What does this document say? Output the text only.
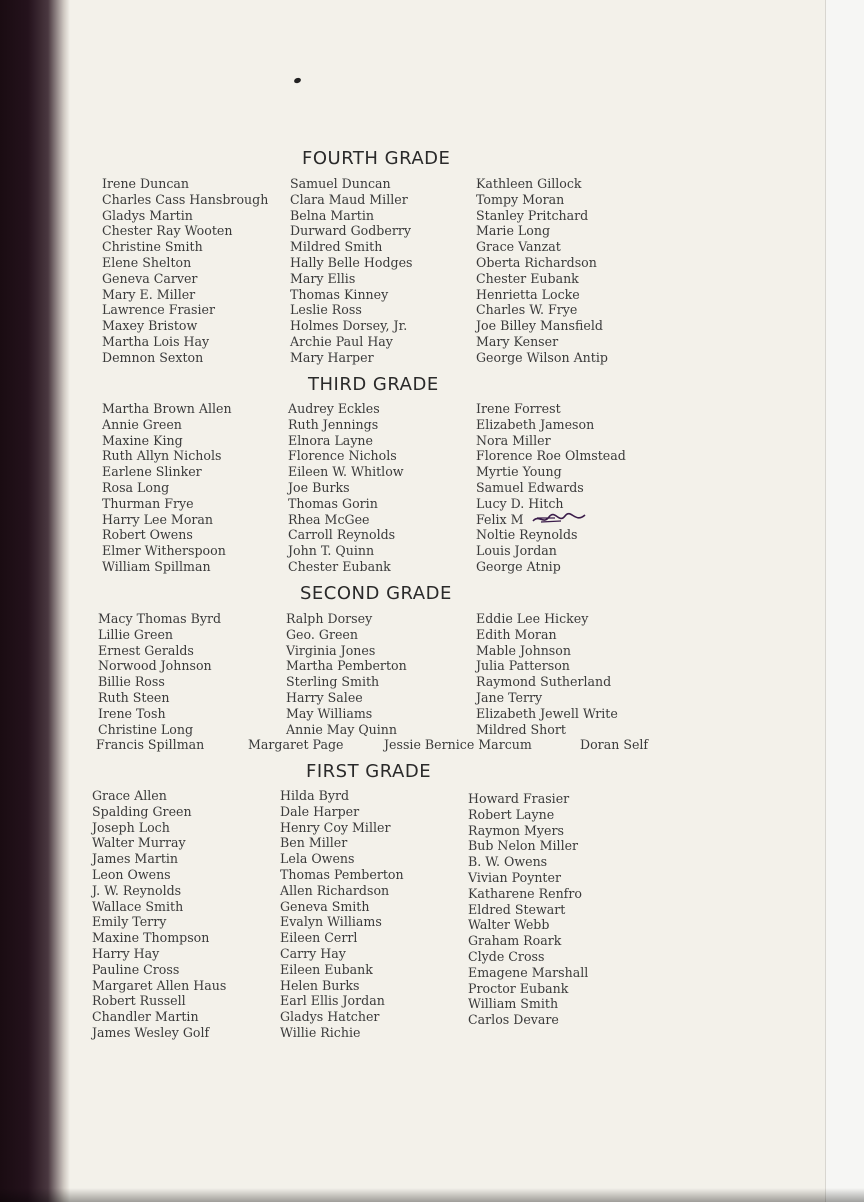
FOURTH GRADE
Irene Duncan
Charles Cass Hansbrough
Gladys Martin
Chester Ray Wooten
Christine Smith
Elene Shelton
Geneva Carver
Mary E. Miller
Lawrence Frasier
Maxey Bristow
Martha Lois Hay
Demnon Sexton
Samuel Duncan
Clara Maud Miller
Belna Martin
Durward Godberry
Mildred Smith
Hally Belle Hodges
Mary Ellis
Thomas Kinney
Leslie Ross
Holmes Dorsey, Jr.
Archie Paul Hay
Mary Harper
Kathleen Gillock
Tompy Moran
Stanley Pritchard
Marie Long
Grace Vanzat
Oberta Richardson
Chester Eubank
Henrietta Locke
Charles W. Frye
Joe Billey Mansfield
Mary Kenser
George Wilson Antip
THIRD GRADE
Martha Brown Allen
Annie Green
Maxine King
Ruth Allyn Nichols
Earlene Slinker
Rosa Long
Thurman Frye
Harry Lee Moran
Robert Owens
Elmer Witherspoon
William Spillman
Audrey Eckles
Ruth Jennings
Elnora Layne
Florence Nichols
Eileen W. Whitlow
Joe Burks
Thomas Gorin
Rhea McGee
Carroll Reynolds
John T. Quinn
Chester Eubank
Irene Forrest
Elizabeth Jameson
Nora Miller
Florence Roe Olmstead
Myrtie Young
Samuel Edwards
Lucy D. Hitch
Felix M
Noltie Reynolds
Louis Jordan
George Atnip
SECOND GRADE
Macy Thomas Byrd
Lillie Green
Ernest Geralds
Norwood Johnson
Billie Ross
Ruth Steen
Irene Tosh
Christine Long
Ralph Dorsey
Geo. Green
Virginia Jones
Martha Pemberton
Sterling Smith
Harry Salee
May Williams
Annie May Quinn
Eddie Lee Hickey
Edith Moran
Mable Johnson
Julia Patterson
Raymond Sutherland
Jane Terry
Elizabeth Jewell Write
Mildred Short
Francis Spillman	Margaret Page	Jessie Bernice Marcum	Doran Self
FIRST GRADE
Grace Allen
Spalding Green
Joseph Loch
Walter Murray
James Martin
Leon Owens
J. W. Reynolds
Wallace Smith
Emily Terry
Maxine Thompson
Harry Hay
Pauline Cross
Margaret Allen Haus
Robert Russell
Chandler Martin
James Wesley Golf
Hilda Byrd
Dale Harper
Henry Coy Miller
Ben Miller
Lela Owens
Thomas Pemberton
Allen Richardson
Geneva Smith
Evalyn Williams
Eileen Cerrl
Carry Hay
Eileen Eubank
Helen Burks
Earl Ellis Jordan
Gladys Hatcher
Willie Richie
Howard Frasier
Robert Layne
Raymon Myers
Bub Nelon Miller
B. W. Owens
Vivian Poynter
Katharene Renfro
Eldred Stewart
Walter Webb
Graham Roark
Clyde Cross
Emagene Marshall
Proctor Eubank
William Smith
Carlos Devare
